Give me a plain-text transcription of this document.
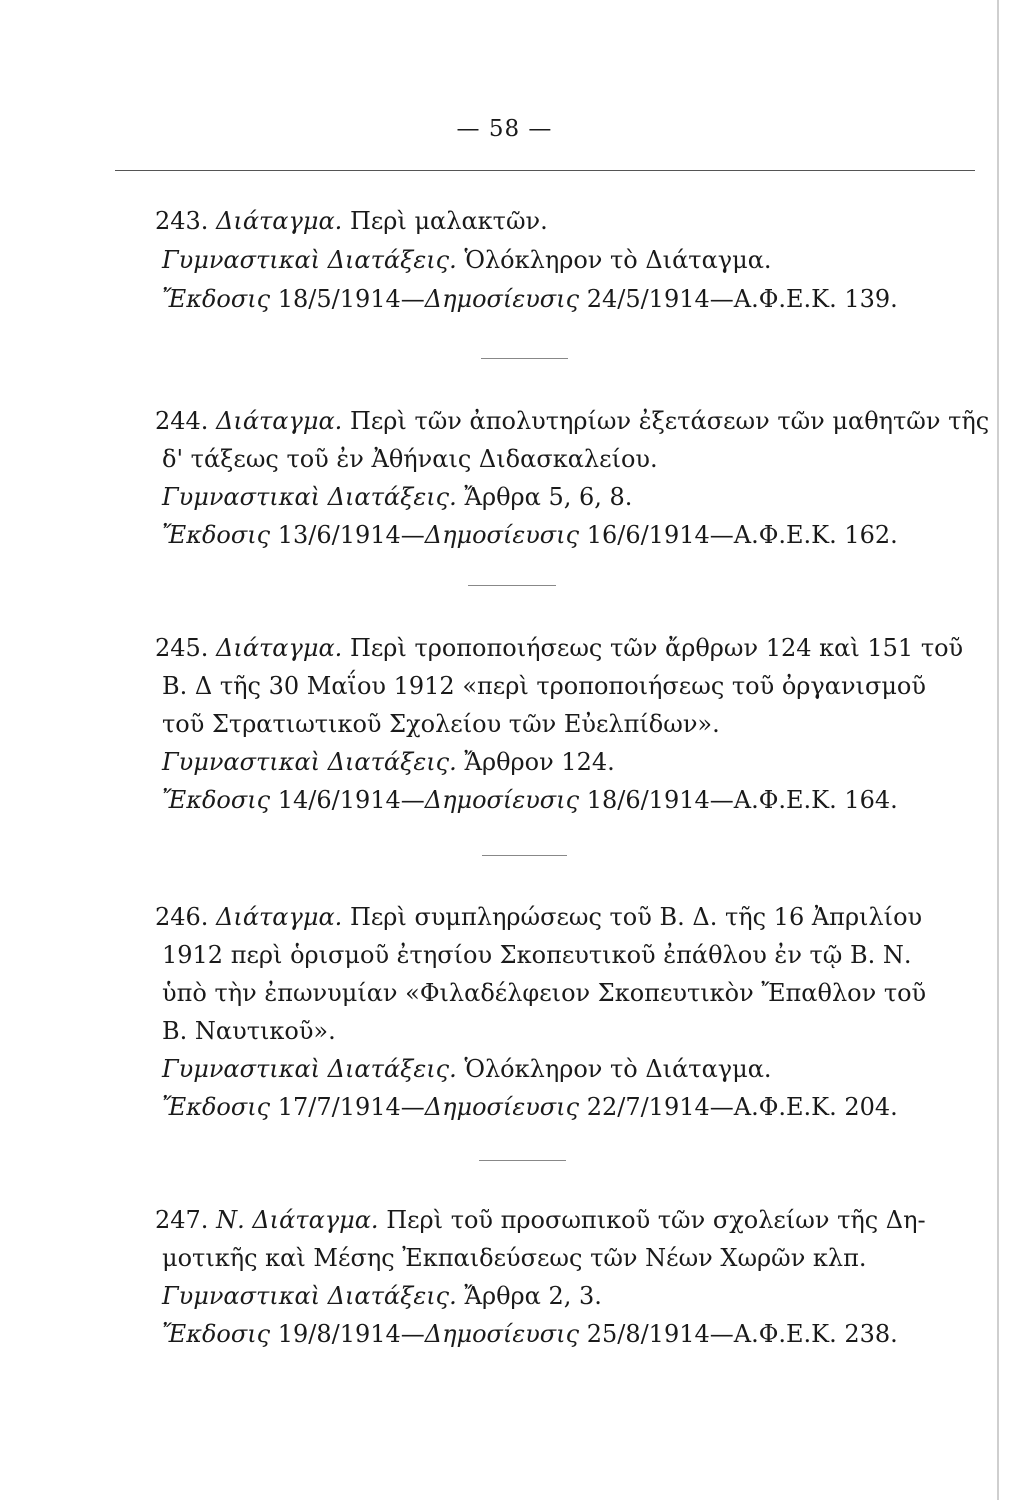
— 58 —
243. Διάταγμα. Περὶ μαλακτῶν.
Γυμναστικαὶ Διατάξεις. Ὁλόκληρον τὸ Διάταγμα.
Ἔκδοσις 18/5/1914—Δημοσίευσις 24/5/1914—Α.Φ.Ε.Κ. 139.
244. Διάταγμα. Περὶ τῶν ἀπολυτηρίων ἐξετάσεων τῶν μαθητῶν τῆς
δ' τάξεως τοῦ ἐν Ἀθήναις Διδασκαλείου.
Γυμναστικαὶ Διατάξεις. Ἄρθρα 5, 6, 8.
Ἔκδοσις 13/6/1914—Δημοσίευσις 16/6/1914—Α.Φ.Ε.Κ. 162.
245. Διάταγμα. Περὶ τροποποιήσεως τῶν ἄρθρων 124 καὶ 151 τοῦ
Β. Δ τῆς 30 Μαΐου 1912 «περὶ τροποποιήσεως τοῦ ὀργανισμοῦ
τοῦ Στρατιωτικοῦ Σχολείου τῶν Εὐελπίδων».
Γυμναστικαὶ Διατάξεις. Ἄρθρον 124.
Ἔκδοσις 14/6/1914—Δημοσίευσις 18/6/1914—Α.Φ.Ε.Κ. 164.
246. Διάταγμα. Περὶ συμπληρώσεως τοῦ Β. Δ. τῆς 16 Ἀπριλίου
1912 περὶ ὁρισμοῦ ἐτησίου Σκοπευτικοῦ ἐπάθλου ἐν τῷ Β. Ν.
ὑπὸ τὴν ἐπωνυμίαν «Φιλαδέλφειον Σκοπευτικὸν Ἔπαθλον τοῦ
Β. Ναυτικοῦ».
Γυμναστικαὶ Διατάξεις. Ὁλόκληρον τὸ Διάταγμα.
Ἔκδοσις 17/7/1914—Δημοσίευσις 22/7/1914—Α.Φ.Ε.Κ. 204.
247. Ν. Διάταγμα. Περὶ τοῦ προσωπικοῦ τῶν σχολείων τῆς Δη-
μοτικῆς καὶ Μέσης Ἐκπαιδεύσεως τῶν Νέων Χωρῶν κλπ.
Γυμναστικαὶ Διατάξεις. Ἄρθρα 2, 3.
Ἔκδοσις 19/8/1914—Δημοσίευσις 25/8/1914—Α.Φ.Ε.Κ. 238.
